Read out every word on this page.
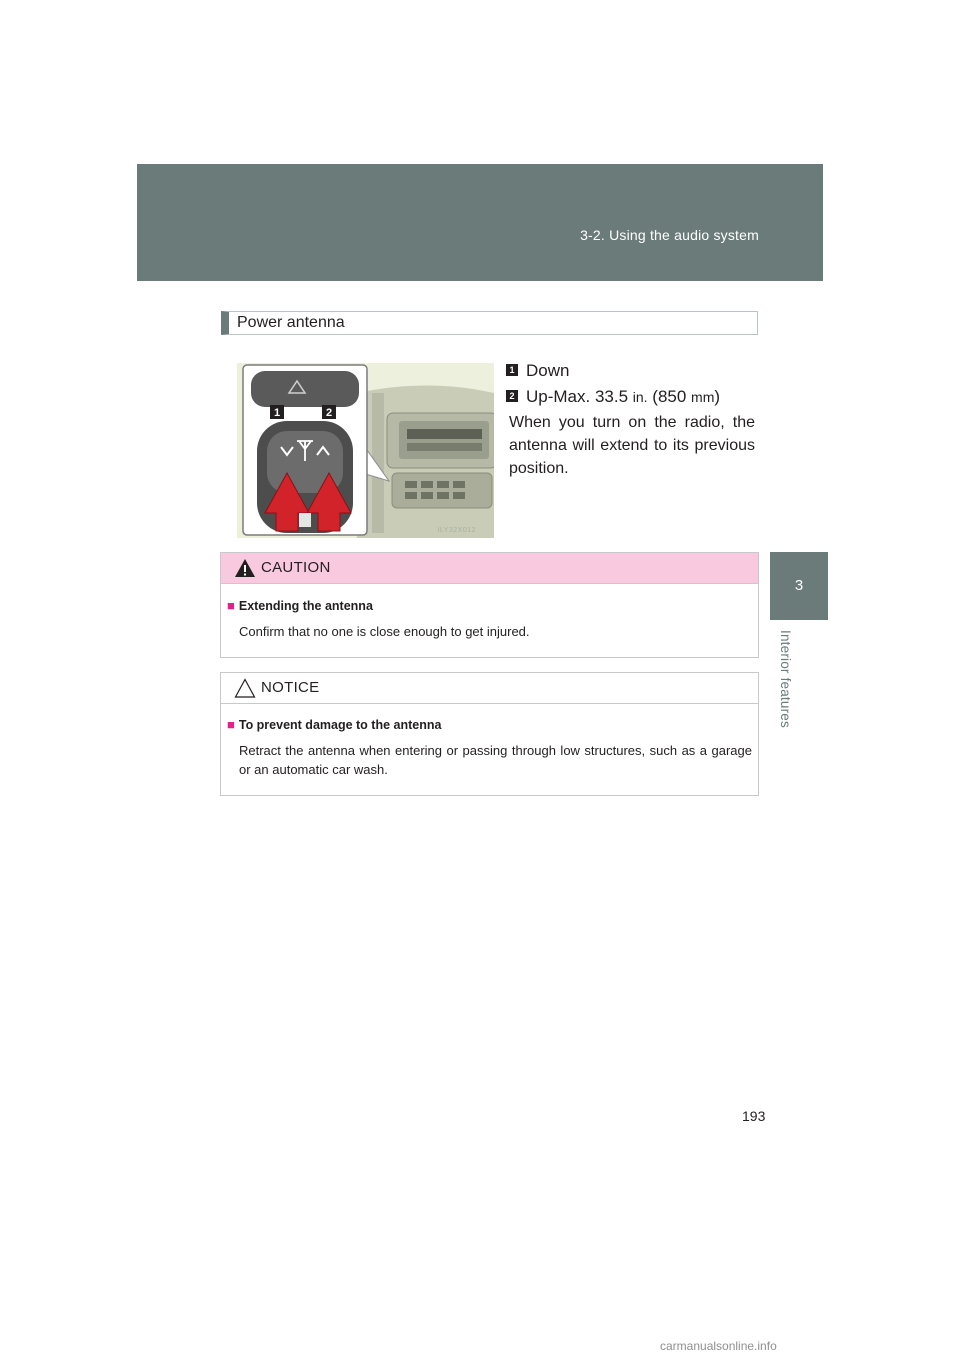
3-2. Using the audio system
3
Interior features
Power antenna
1	2
ILY32X012
1 Down
2 Up-Max. 33.5 in. (850 mm)
When you turn on the radio, the antenna will extend to its previous position.
CAUTION
■ Extending the antenna
Confirm that no one is close enough to get injured.
NOTICE
■ To prevent damage to the antenna
Retract the antenna when entering or passing through low structures, such as a garage or an automatic car wash.
193
carmanualsonline.info
